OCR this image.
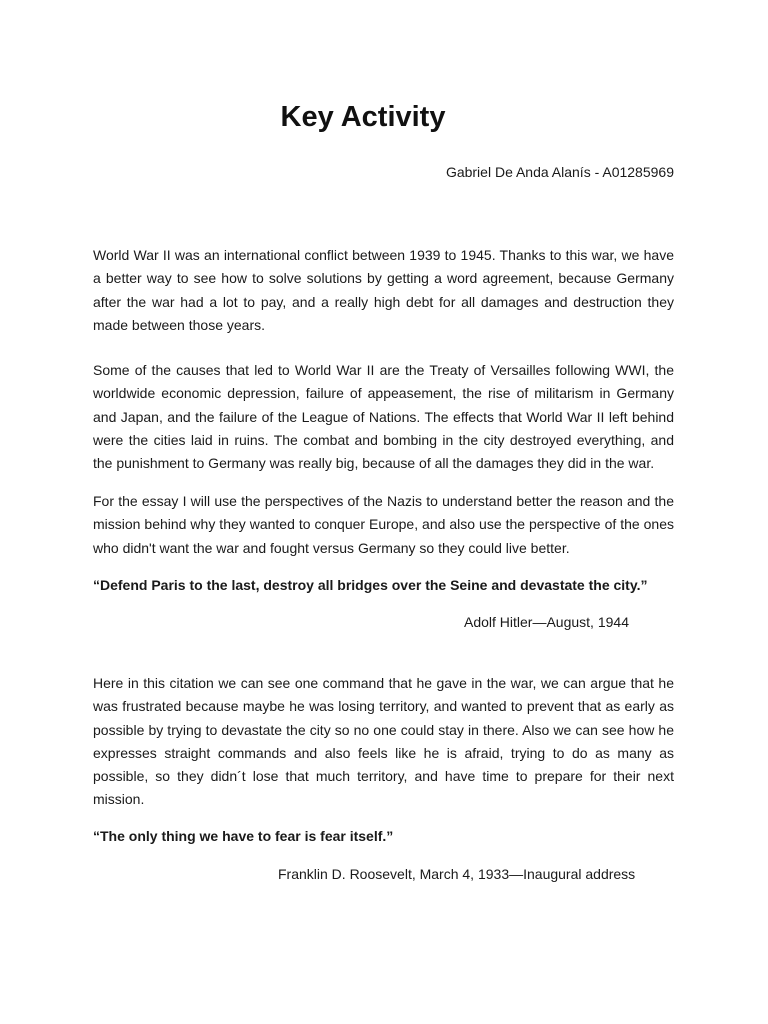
Key Activity

Gabriel De Anda Alanís - A01285969

World War II was an international conflict between 1939 to 1945. Thanks to this war, we have a better way to see how to solve solutions by getting a word agreement, because Germany after the war had a lot to pay, and a really high debt for all damages and destruction they made between those years.

Some of the causes that led to World War II are the Treaty of Versailles following WWI, the worldwide economic depression, failure of appeasement, the rise of militarism in Germany and Japan, and the failure of the League of Nations. The effects that World War II left behind were the cities laid in ruins. The combat and bombing in the city destroyed everything, and the punishment to Germany was really big, because of all the damages they did in the war.

For the essay I will use the perspectives of the Nazis to understand better the reason and the mission behind why they wanted to conquer Europe, and also use the perspective of the ones who didn't want the war and fought versus Germany so they could live better.

“Defend Paris to the last, destroy all bridges over the Seine and devastate the city.”

Adolf Hitler—August, 1944

Here in this citation we can see one command that he gave in the war, we can argue that he was frustrated because maybe he was losing territory, and wanted to prevent that as early as possible by trying to devastate the city so no one could stay in there. Also we can see how he expresses straight commands and also feels like he is afraid, trying to do as many as possible, so they didn´t lose that much territory, and have time to prepare for their next mission.

“The only thing we have to fear is fear itself.”

Franklin D. Roosevelt, March 4, 1933—Inaugural address
